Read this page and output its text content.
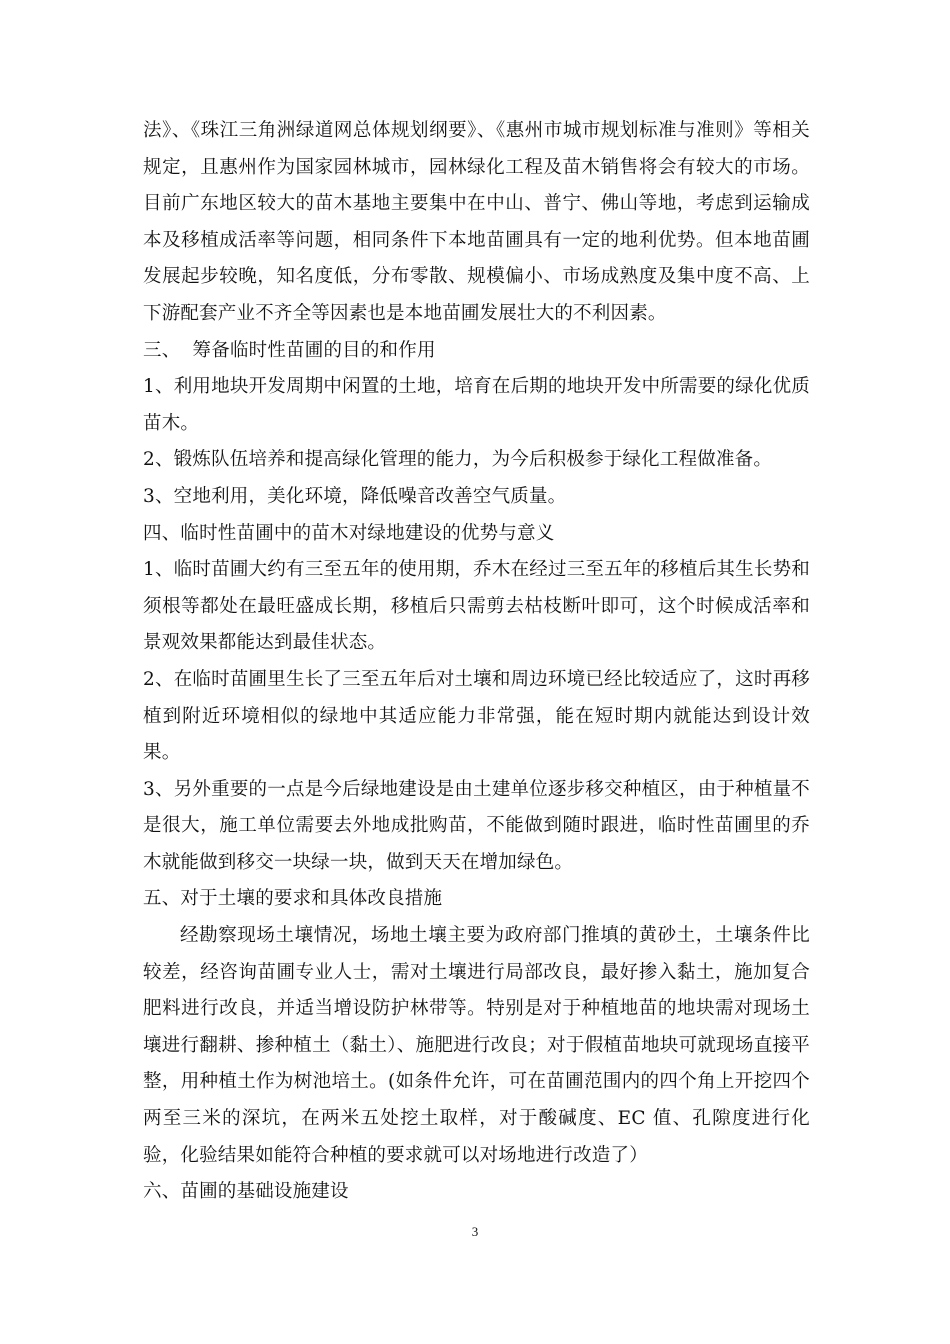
法》、《珠江三角洲绿道网总体规划纲要》、《惠州市城市规划标准与准则》等相关规定，且惠州作为国家园林城市，园林绿化工程及苗木销售将会有较大的市场。目前广东地区较大的苗木基地主要集中在中山、普宁、佛山等地，考虑到运输成本及移植成活率等问题，相同条件下本地苗圃具有一定的地利优势。但本地苗圃发展起步较晚，知名度低，分布零散、规模偏小、市场成熟度及集中度不高、上下游配套产业不齐全等因素也是本地苗圃发展壮大的不利因素。

三、  筹备临时性苗圃的目的和作用

1、利用地块开发周期中闲置的土地，培育在后期的地块开发中所需要的绿化优质苗木。

2、锻炼队伍培养和提高绿化管理的能力，为今后积极参于绿化工程做准备。

3、空地利用，美化环境，降低噪音改善空气质量。

四、临时性苗圃中的苗木对绿地建设的优势与意义

1、临时苗圃大约有三至五年的使用期，乔木在经过三至五年的移植后其生长势和须根等都处在最旺盛成长期，移植后只需剪去枯枝断叶即可，这个时候成活率和景观效果都能达到最佳状态。

2、在临时苗圃里生长了三至五年后对土壤和周边环境已经比较适应了，这时再移植到附近环境相似的绿地中其适应能力非常强，能在短时期内就能达到设计效果。

3、另外重要的一点是今后绿地建设是由土建单位逐步移交种植区，由于种植量不是很大，施工单位需要去外地成批购苗，不能做到随时跟进，临时性苗圃里的乔木就能做到移交一块绿一块，做到天天在增加绿色。

五、对于土壤的要求和具体改良措施

经勘察现场土壤情况，场地土壤主要为政府部门推填的黄砂土，土壤条件比较差，经咨询苗圃专业人士，需对土壤进行局部改良，最好掺入黏土，施加复合肥料进行改良，并适当增设防护林带等。特别是对于种植地苗的地块需对现场土壤进行翻耕、掺种植土（黏土）、施肥进行改良；对于假植苗地块可就现场直接平整，用种植土作为树池培土。(如条件允许，可在苗圃范围内的四个角上开挖四个两至三米的深坑，在两米五处挖土取样，对于酸碱度、EC 值、孔隙度进行化验，化验结果如能符合种植的要求就可以对场地进行改造了）

六、苗圃的基础设施建设

3
